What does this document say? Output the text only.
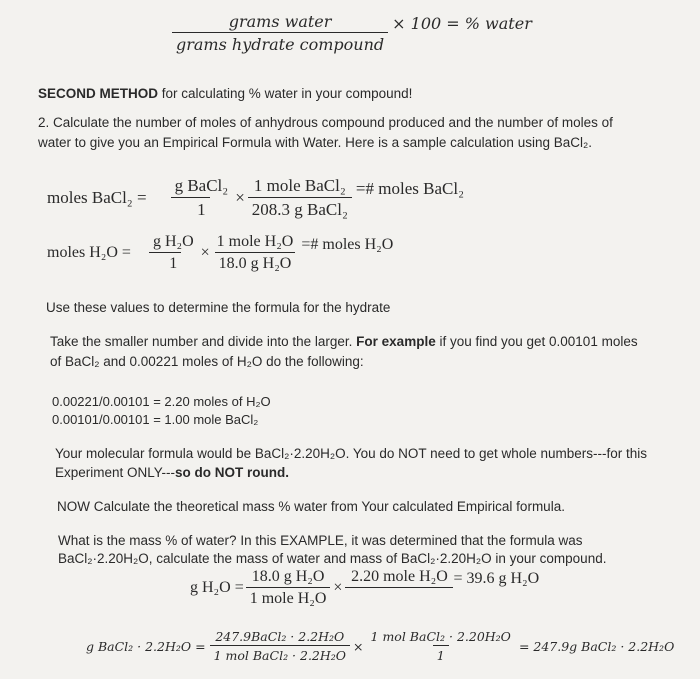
$\frac{\text{grams water}}{\text{grams hydrate compound}} \times 100$ = % water
SECOND METHOD for calculating % water in your compound!
2. Calculate the number of moles of anhydrous compound produced and the number of moles of
water to give you an Empirical Formula with Water. Here is a sample calculation using BaCl₂.
moles BaCl₂ = $\frac{\text{g BaCl₂}}{1} \times \frac{\text{1 mole BaCl₂}}{\text{208.3 g BaCl₂}}$ =# moles BaCl₂
moles $H_2O = \frac{\text{g H₂O}}{1} \times \frac{\text{1 mole H₂O}}{\text{18.0 g H₂O}}$ =# moles H₂O
Use these values to determine the formula for the hydrate
Take the smaller number and divide into the larger. For example if you find you get 0.00101 moles
of BaCl₂ and 0.00221 moles of H₂O do the following:
0.00221/0.00101 = 2.20 moles of H₂O
0.00101/0.00101 = 1.00 mole BaCl₂
Your molecular formula would be BaCl₂·2.20H₂O. You do NOT need to get whole numbers---for this
Experiment ONLY---so do NOT round.
NOW Calculate the theoretical mass % water from Your calculated Empirical formula.
What is the mass % of water? In this EXAMPLE, it was determined that the formula was
BaCl₂·2.20H₂O, calculate the mass of water and mass of BaCl₂·2.20H₂O in your compound.
g $H_2O = \frac{\text{18.0 g H₂O}}{\text{1 mole H₂O}}$ ×
2.20 mole H₂O = 39.6 g H₂O
g BaCl₂ · $2.2H_2O = \frac{\text{247.9BaCl₂ · 2.2H₂O}}{\text{1 mol BaCl₂ · 2.2H₂O}} \times \frac{\text{1 mol BaCl₂ · 2.20H₂O}}{1} = 247.9g$ BaCl₂ · 2.2H₂O
